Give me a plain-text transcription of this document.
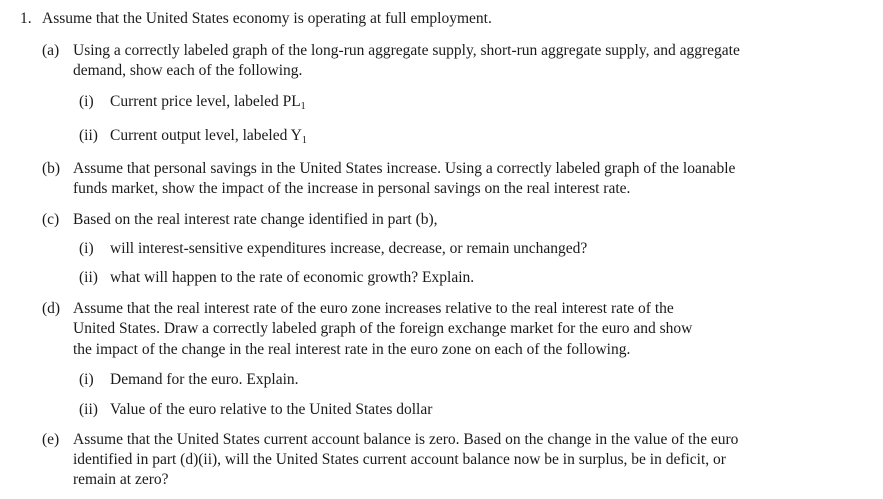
1. Assume that the United States economy is operating at full employment.
(a) Using a correctly labeled graph of the long-run aggregate supply, short-run aggregate supply, and aggregate
demand, show each of the following.
(i) Current price level, labeled $PL_1$
(ii) Current output level, labeled $Y_1$
(b) Assume that personal savings in the United States increase. Using a correctly labeled graph of the loanable
funds market, show the impact of the increase in personal savings on the real interest rate.
(c) Based on the real interest rate change identified in part (b),
(i) will interest-sensitive expenditures increase, decrease, or remain unchanged?
(ii) what will happen to the rate of economic growth? Explain.
(d) Assume that the real interest rate of the euro zone increases relative to the real interest rate of the
United States. Draw a correctly labeled graph of the foreign exchange market for the euro and show
the impact of the change in the real interest rate in the euro zone on each of the following.
(i) Demand for the euro. Explain.
(ii) Value of the euro relative to the United States dollar
(e) Assume that the United States current account balance is zero. Based on the change in the value of the euro
identified in part (d)(ii), will the United States current account balance now be in surplus, be in deficit, or
remain at zero?
